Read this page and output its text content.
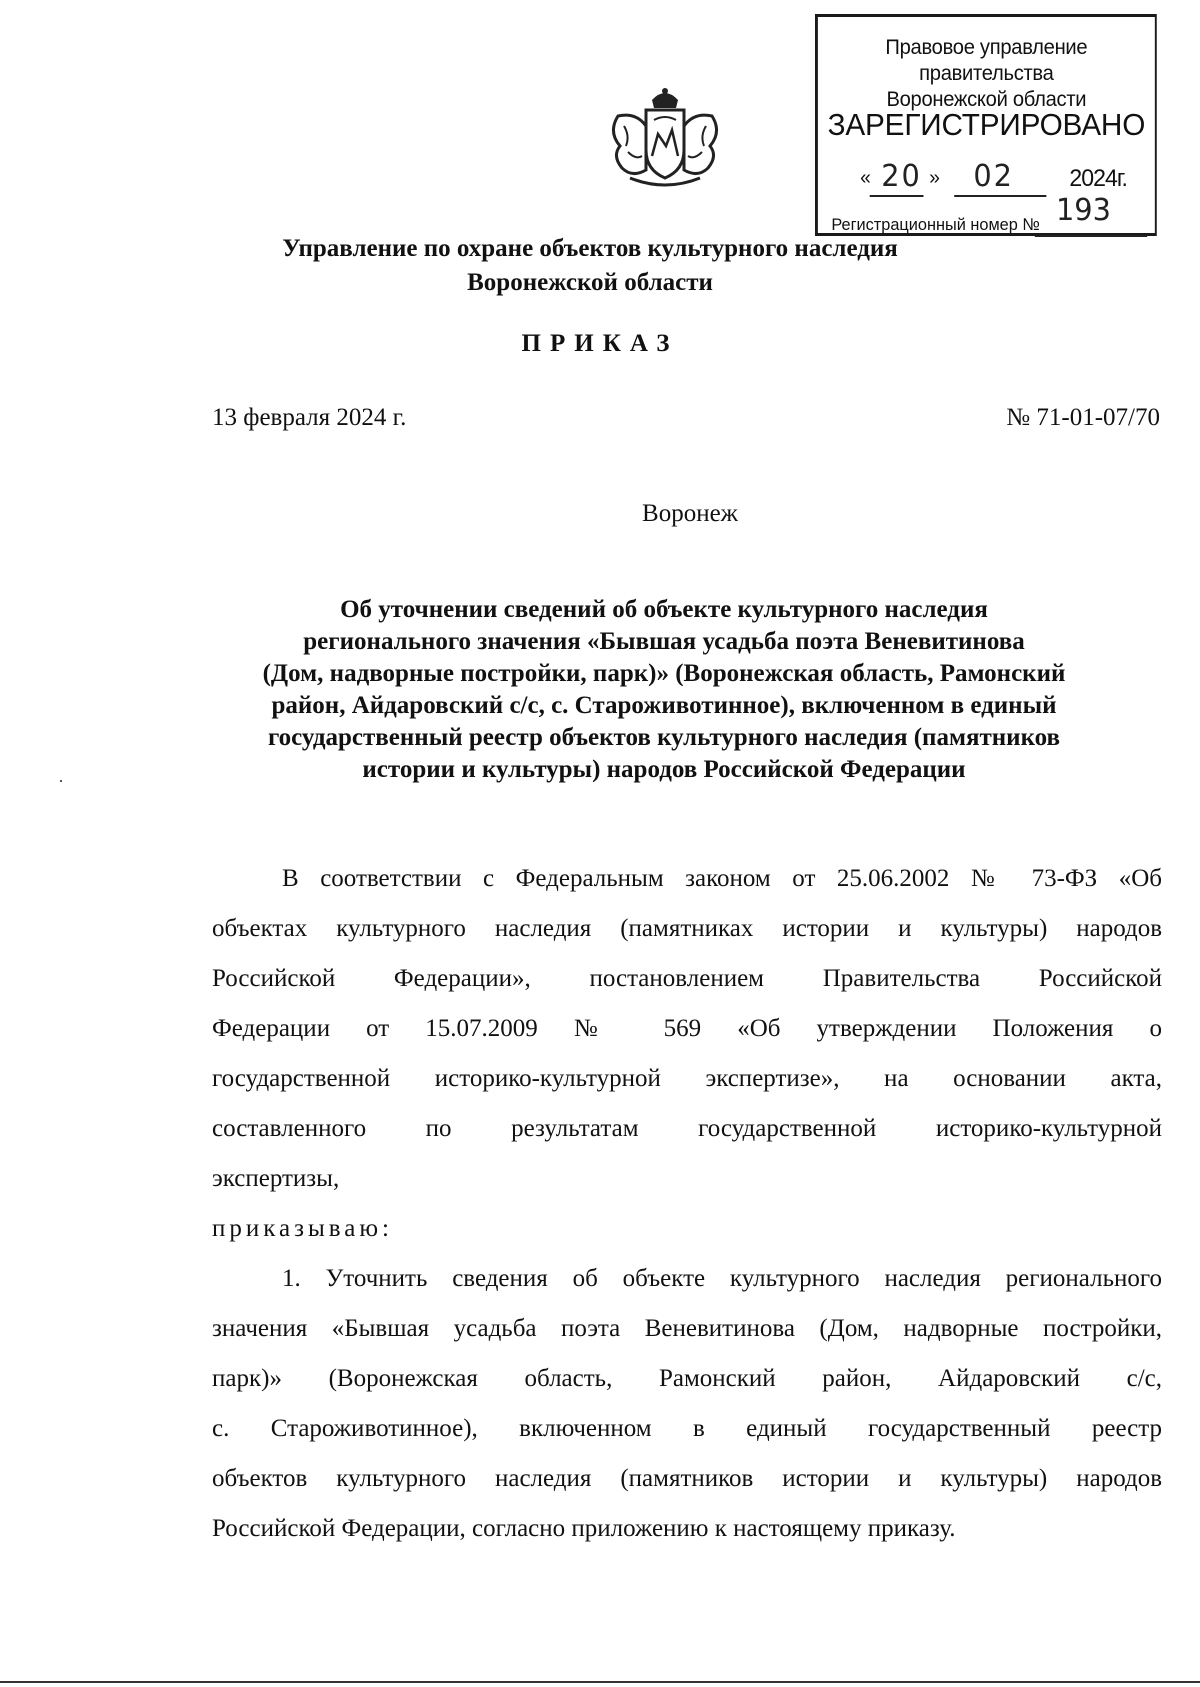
Правовое управление правительства
Воронежской области
ЗАРЕГИСТРИРОВАНО
« 20 » 02 2024г.
Регистрационный номер № 193
Управление по охране объектов культурного наследия
Воронежской области
ПРИКАЗ
13 февраля 2024 г.	№ 71-01-07/70
Воронеж
Об уточнении сведений об объекте культурного наследия
регионального значения «Бывшая усадьба поэта Веневитинова
(Дом, надворные постройки, парк)» (Воронежская область, Рамонский
район, Айдаровский с/с, с. Староживотинное), включенном в единый
государственный реестр объектов культурного наследия (памятников
истории и культуры) народов Российской Федерации
В соответствии с Федеральным законом от 25.06.2002 № 73-ФЗ «Об
объектах культурного наследия (памятниках истории и культуры) народов
Российской Федерации», постановлением Правительства Российской
Федерации от 15.07.2009 № 569 «Об утверждении Положения о
государственной историко-культурной экспертизе», на основании акта,
составленного по результатам государственной историко-культурной
экспертизы,
приказываю:
1. Уточнить сведения об объекте культурного наследия регионального
значения «Бывшая усадьба поэта Веневитинова (Дом, надворные постройки,
парк)» (Воронежская область, Рамонский район, Айдаровский с/с,
с. Староживотинное), включенном в единый государственный реестр
объектов культурного наследия (памятников истории и культуры) народов
Российской Федерации, согласно приложению к настоящему приказу.
